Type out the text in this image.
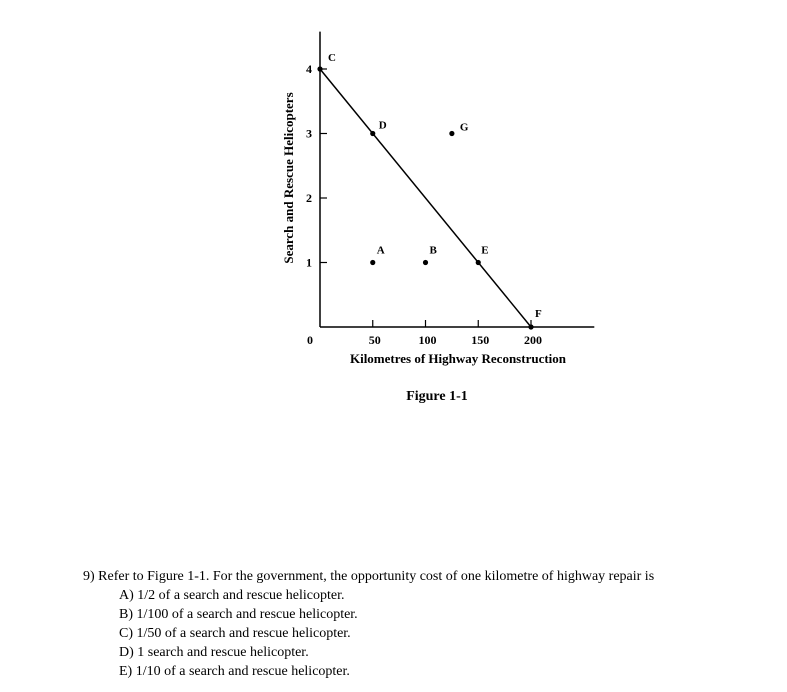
50	100	150	200
1
2
3
4
0
C
D	G
A	B	E
F
Kilometres of Highway Reconstruction
Search and Rescue Helicopters
Figure 1-1

9) Refer to Figure 1-1. For the government, the opportunity cost of one kilometre of highway repair is

A) 1/2 of a search and rescue helicopter.
B) 1/100 of a search and rescue helicopter.
C) 1/50 of a search and rescue helicopter.
D) 1 search and rescue helicopter.
E) 1/10 of a search and rescue helicopter.
